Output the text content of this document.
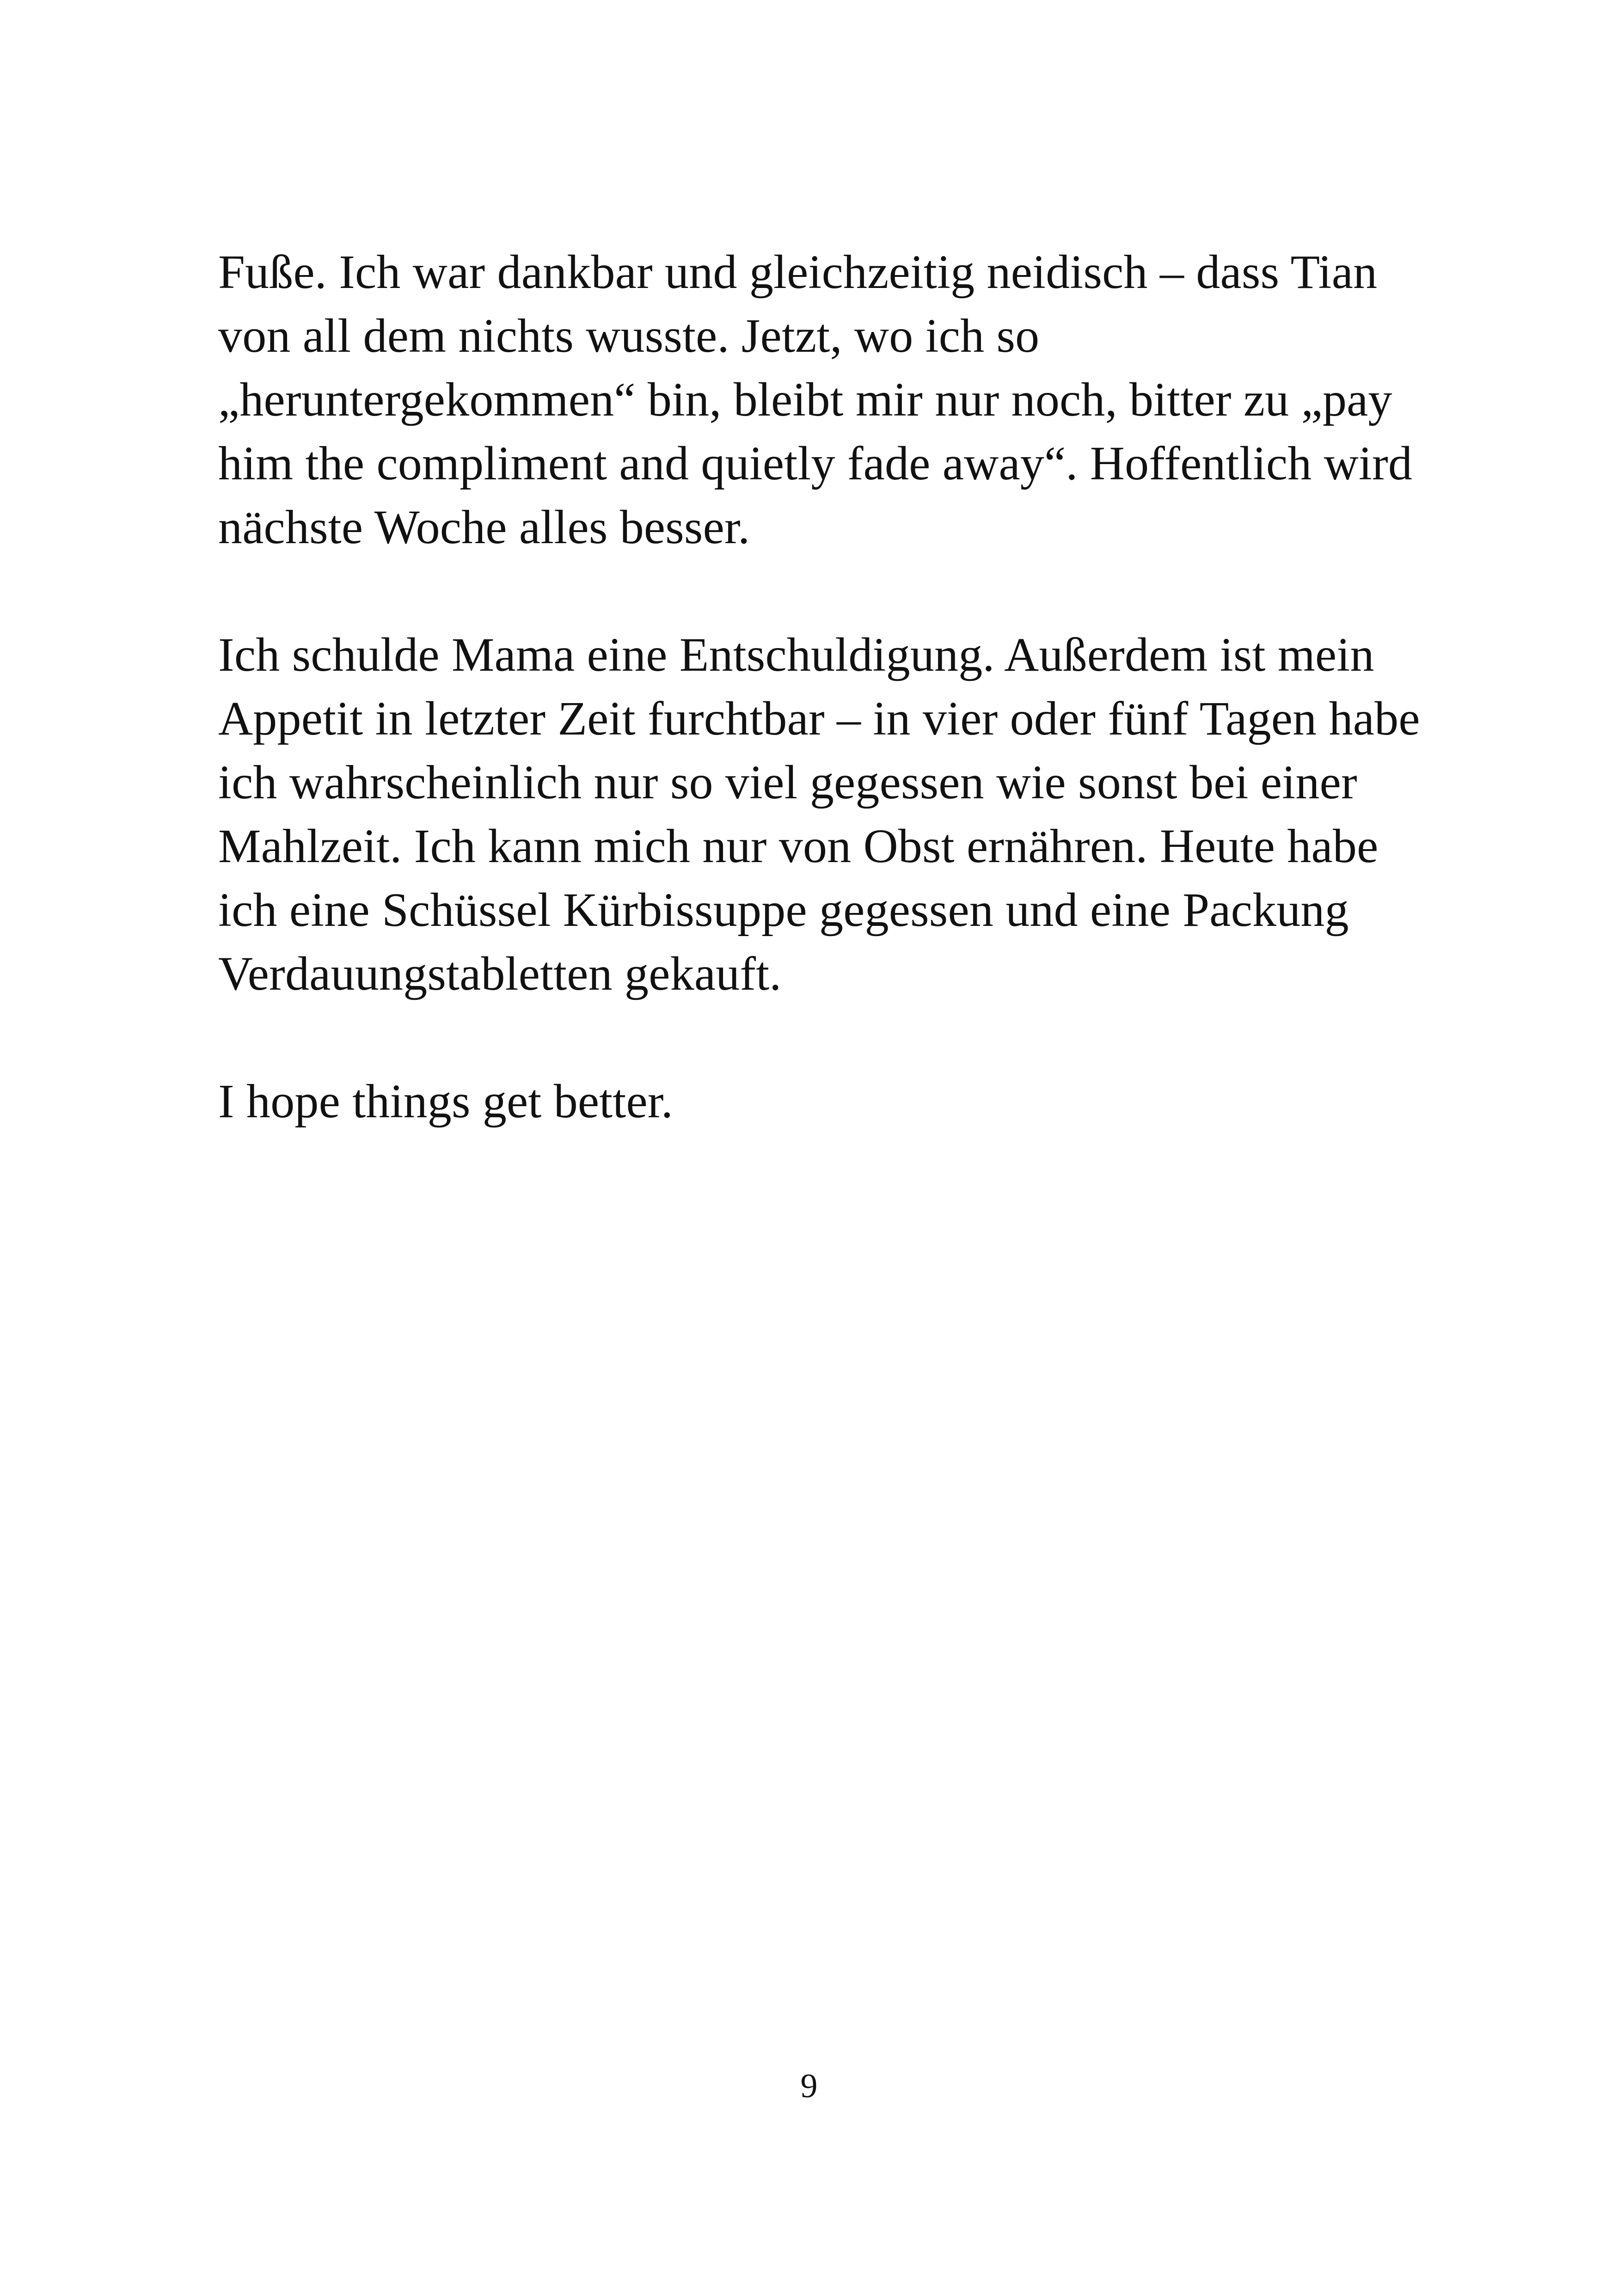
Fuße. Ich war dankbar und gleichzeitig neidisch – dass Tian
von all dem nichts wusste. Jetzt, wo ich so
„heruntergekommen“ bin, bleibt mir nur noch, bitter zu „pay
him the compliment and quietly fade away“. Hoffentlich wird
nächste Woche alles besser.

Ich schulde Mama eine Entschuldigung. Außerdem ist mein
Appetit in letzter Zeit furchtbar – in vier oder fünf Tagen habe
ich wahrscheinlich nur so viel gegessen wie sonst bei einer
Mahlzeit. Ich kann mich nur von Obst ernähren. Heute habe
ich eine Schüssel Kürbissuppe gegessen und eine Packung
Verdauungstabletten gekauft.

I hope things get better.

9
